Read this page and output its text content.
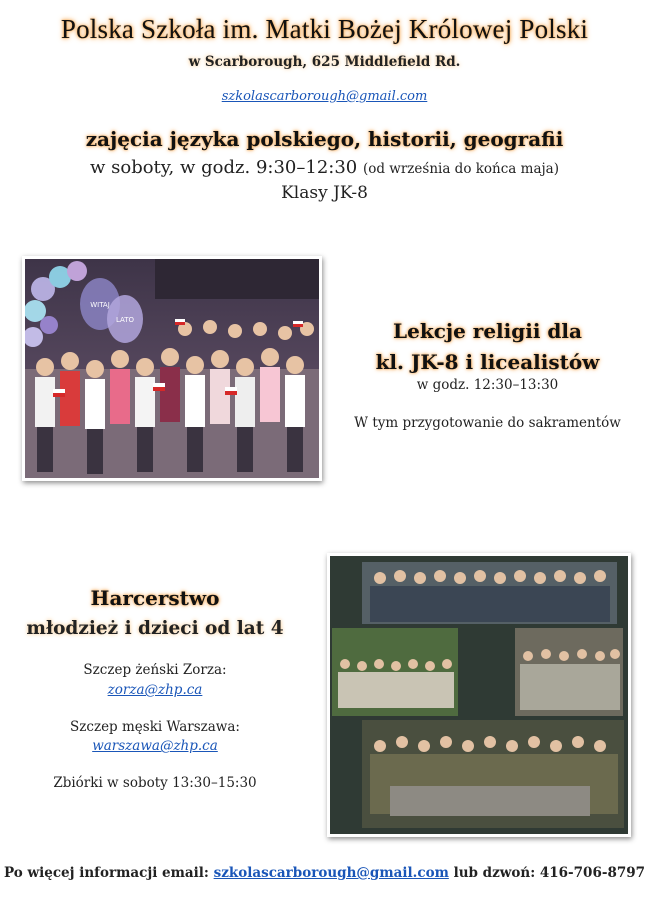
Polska Szkoła im. Matki Bożej Królowej Polski
w Scarborough, 625 Middlefield Rd.
szkolascarborough@gmail.com
zajęcia języka polskiego, historii, geografii
w soboty, w godz. 9:30–12:30 (od września do końca maja)
Klasy JK-8
WITAJ
LATO	Lekcje religii dla
kl. JK-8 i licealistów
w godz. 12:30–13:30
W tym przygotowanie do sakramentów
Harcerstwo
młodzież i dzieci od lat 4
Szczep żeński Zorza:
zorza@zhp.ca
Szczep męski Warszawa:
warszawa@zhp.ca
Zbiórki w soboty 13:30–15:30
Po więcej informacji email: szkolascarborough@gmail.com lub dzwoń: 416-706-8797
